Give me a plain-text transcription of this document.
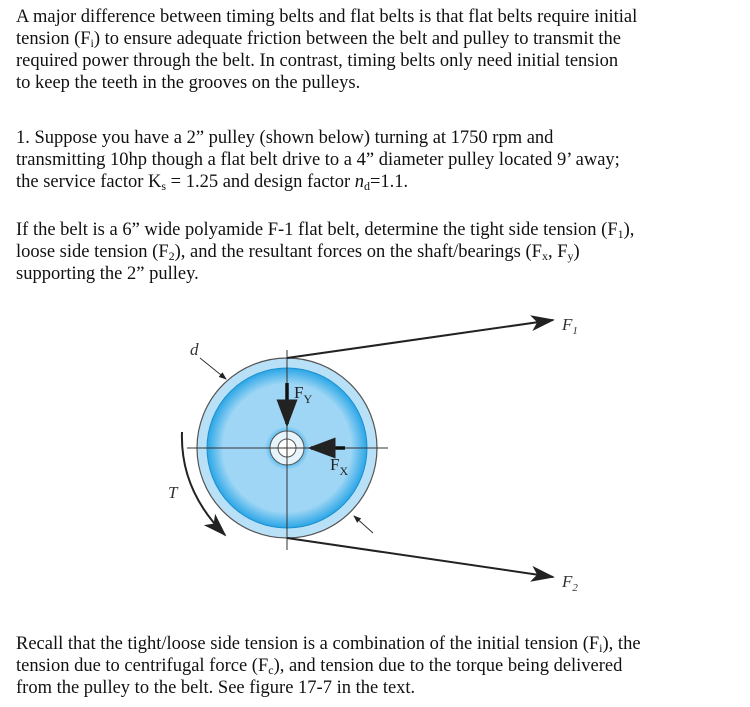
A major difference between timing belts and flat belts is that flat belts require initial
tension $(F_i)$ to ensure adequate friction between the belt and pulley to transmit the
required power through the belt. In contrast, timing belts only need initial tension
to keep the teeth in the grooves on the pulleys.
1. Suppose you have a 2” pulley (shown below) turning at 1750 rpm and
transmitting 10hp though a flat belt drive to a 4” diameter pulley located 9’ away;
the service factor $K_s = 1.25$ and design factor $n_d=1.1$.
If the belt is a 6” wide polyamide F-1 flat belt, determine the tight side tension $(F_1)$,
loose side tension $(F_2)$, and the resultant forces on the shaft/bearings ($F_x$, $F_y$)
supporting the 2” pulley.
d
T
$F_1$
$F_2$
$F_Y$
$F_X$
Recall that the tight/loose side tension is a combination of the initial tension $(F_i)$, the
tension due to centrifugal force $(F_c)$, and tension due to the torque being delivered
from the pulley to the belt. See figure 17-7 in the text.
